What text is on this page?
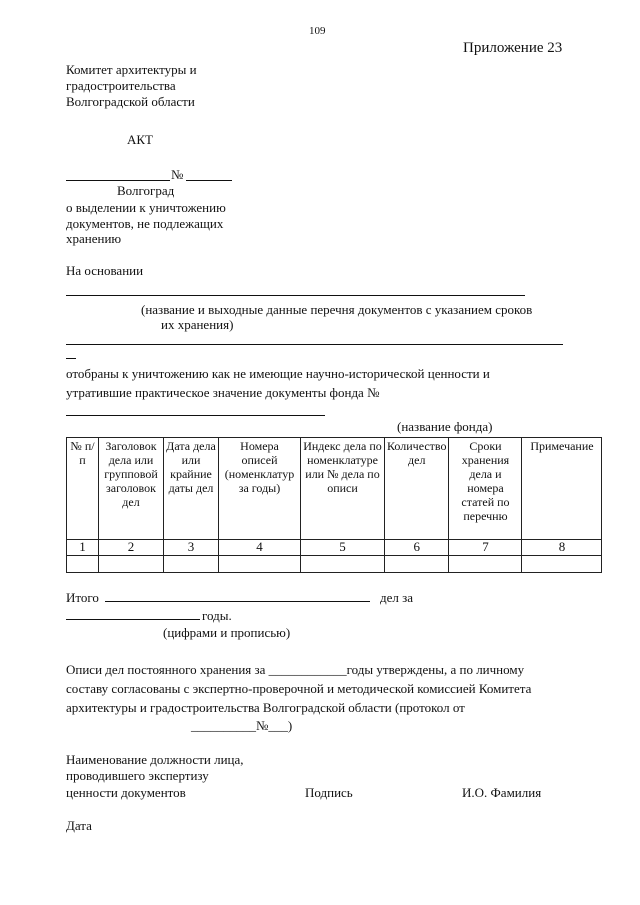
109
Приложение 23
Комитет архитектуры и
градостроительства
Волгоградской области
АКТ
№
Волгоград
о выделении к уничтожению
документов, не подлежащих
хранению
На основании
(название и выходные данные перечня документов с указанием сроков
их хранения)
отобраны к уничтожению как не имеющие научно-исторической ценности и
утратившие практическое значение документы фонда №
(название фонда)
№ п/п	Заголовок дела или групповой заголовок дел	Дата дела или крайние даты дел	Номера описей (номенклатур за годы)	Индекс дела по номенклатуре или № дела по описи	Количество дел	Сроки хранения дела и номера статей по перечню	Примечание
1	2	3	4	5	6	7	8

Итого	дел за
годы.
(цифрами и прописью)
Описи дел постоянного хранения за ____________годы утверждены, а по личному
составу согласованы с экспертно-проверочной и методической комиссией Комитета
архитектуры и градостроительства Волгоградской области (протокол от
__________№___)
Наименование должности лица,
проводившего экспертизу
ценности документов	Подпись	И.О. Фамилия
Дата
